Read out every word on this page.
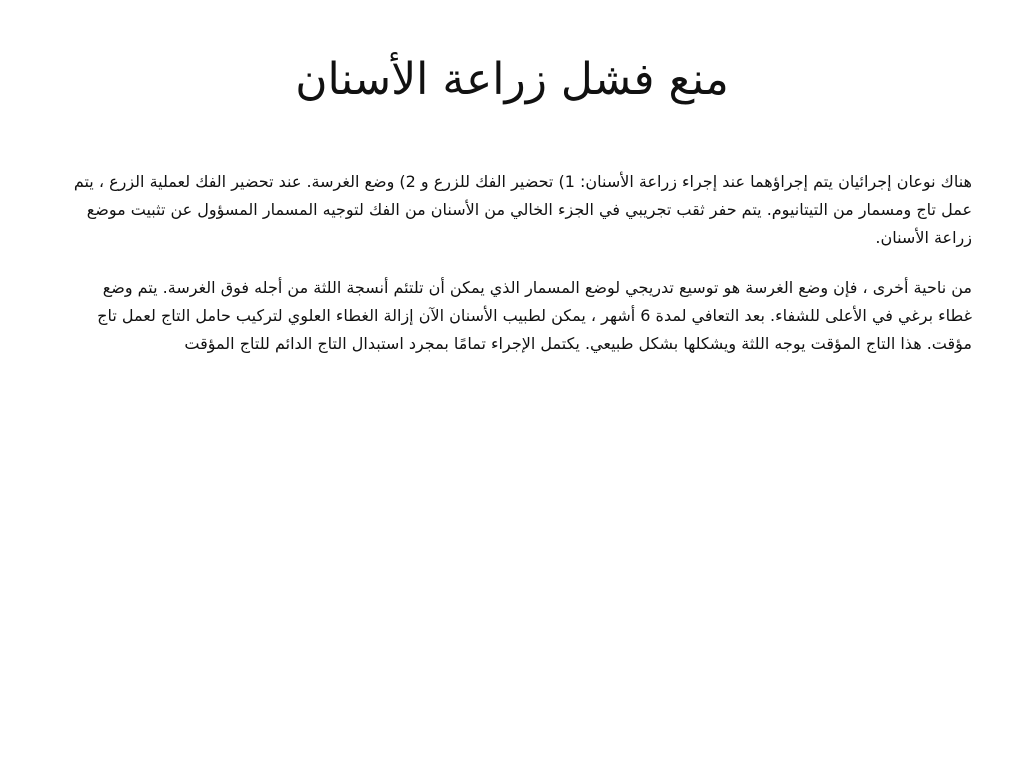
منع فشل زراعة الأسنان

هناك نوعان إجرائيان يتم إجراؤهما عند إجراء زراعة الأسنان: 1) تحضير الفك للزرع و 2) وضع الغرسة. عند تحضير الفك لعملية الزرع ، يتم عمل تاج ومسمار من التيتانيوم. يتم حفر ثقب تجريبي في الجزء الخالي من الأسنان من الفك لتوجيه المسمار المسؤول عن تثبيت موضع زراعة الأسنان.

من ناحية أخرى ، فإن وضع الغرسة هو توسيع تدريجي لوضع المسمار الذي يمكن أن تلتئم أنسجة اللثة من أجله فوق الغرسة. يتم وضع غطاء برغي في الأعلى للشفاء. بعد التعافي لمدة 6 أشهر ، يمكن لطبيب الأسنان الآن إزالة الغطاء العلوي لتركيب حامل التاج لعمل تاج مؤقت. هذا التاج المؤقت يوجه اللثة ويشكلها بشكل طبيعي. يكتمل الإجراء تمامًا بمجرد استبدال التاج الدائم للتاج المؤقت
